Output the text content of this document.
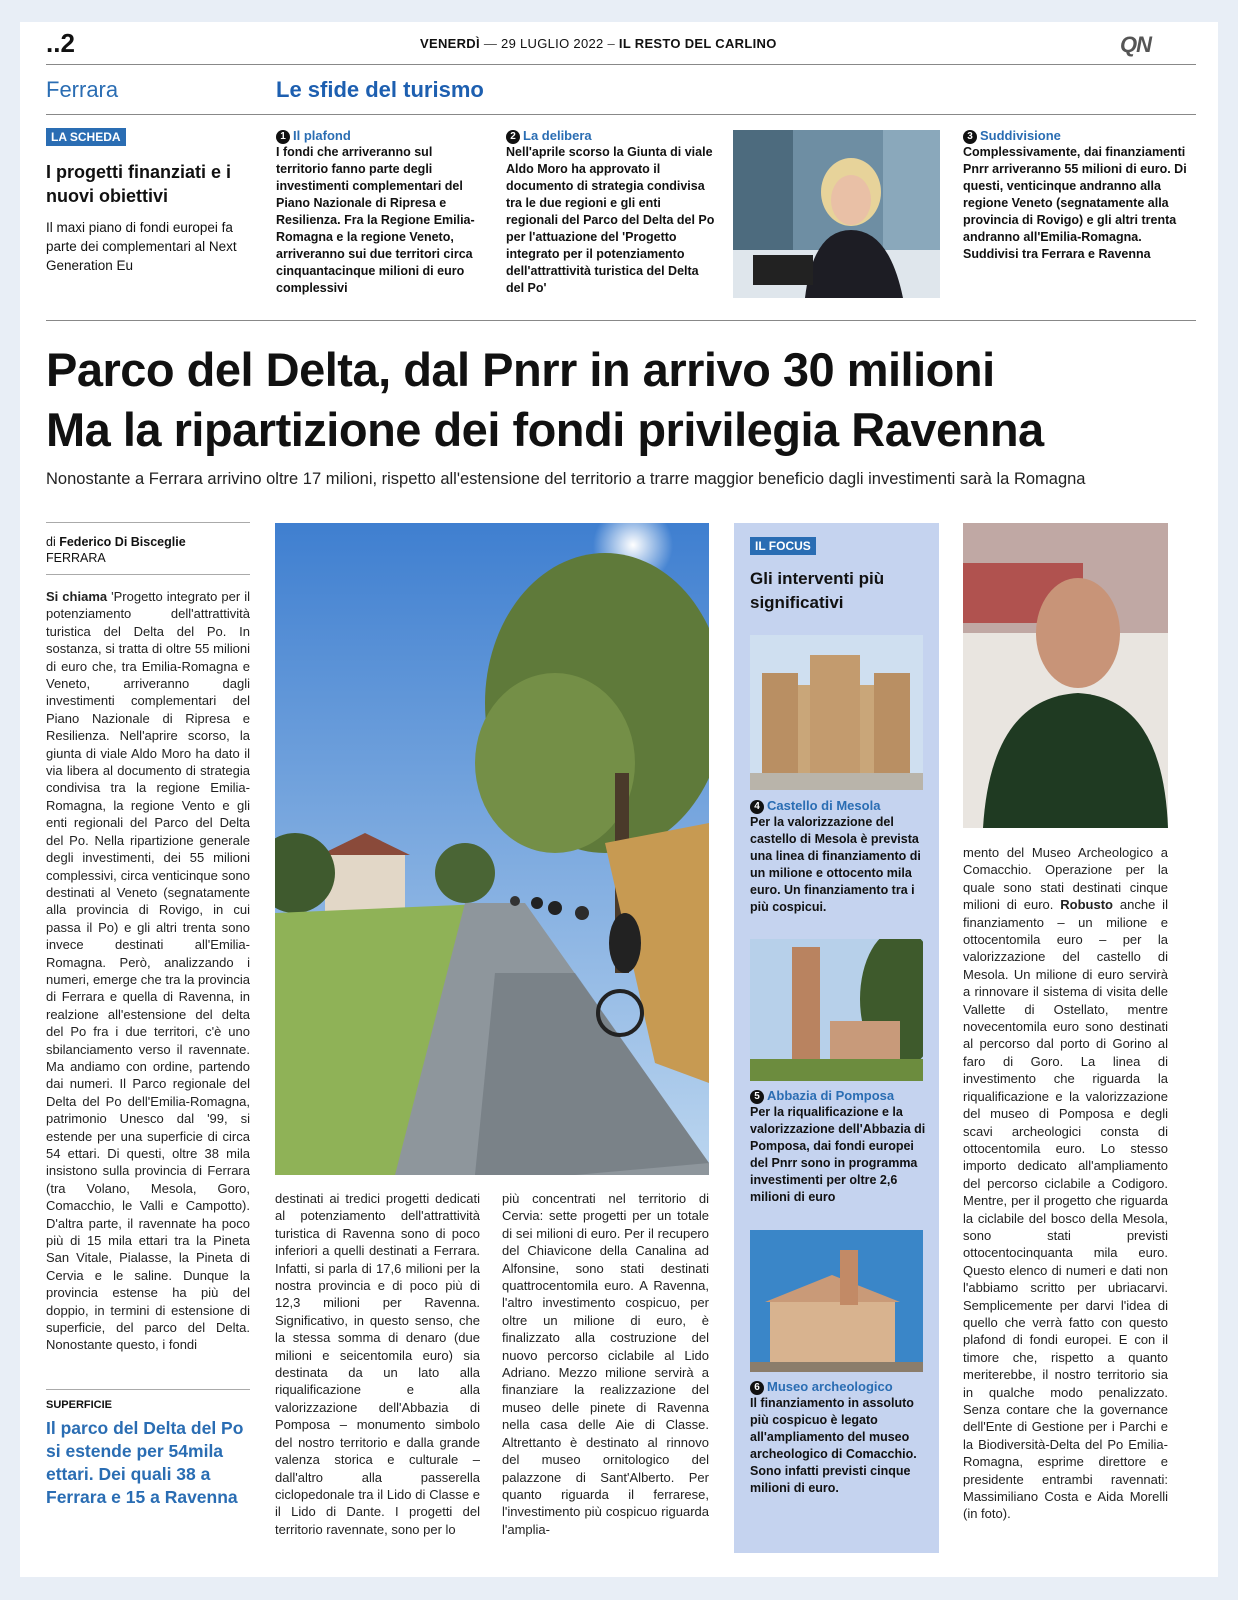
..2	VENERDÌ — 29 LUGLIO 2022 – IL RESTO DEL CARLINO	QN
Ferrara	Le sfide del turismo
LA SCHEDA
I progetti finanziati e i nuovi obiettivi
Il maxi piano di fondi europei fa parte dei complementari al Next Generation Eu
1 Il plafond
I fondi che arriveranno sul territorio fanno parte degli investimenti complementari del Piano Nazionale di Ripresa e Resilienza. Fra la Regione Emilia-Romagna e la regione Veneto, arriveranno sui due territori circa cinquantacinque milioni di euro complessivi
2 La delibera
Nell'aprile scorso la Giunta di viale Aldo Moro ha approvato il documento di strategia condivisa tra le due regioni e gli enti regionali del Parco del Delta del Po per l'attuazione del 'Progetto integrato per il potenziamento dell'attrattività turistica del Delta del Po'
3 Suddivisione
Complessivamente, dai finanziamenti Pnrr arriveranno 55 milioni di euro. Di questi, venticinque andranno alla regione Veneto (segnatamente alla provincia di Rovigo) e gli altri trenta andranno all'Emilia-Romagna. Suddivisi tra Ferrara e Ravenna
Parco del Delta, dal Pnrr in arrivo 30 milioni
Ma la ripartizione dei fondi privilegia Ravenna
Nonostante a Ferrara arrivino oltre 17 milioni, rispetto all'estensione del territorio a trarre maggior beneficio dagli investimenti sarà la Romagna
di Federico Di Bisceglie
FERRARA
Si chiama 'Progetto integrato per il potenziamento dell'attrattività turistica del Delta del Po. In sostanza, si tratta di oltre 55 milioni di euro che, tra Emilia-Romagna e Veneto, arriveranno dagli investimenti complementari del Piano Nazionale di Ripresa e Resilienza. Nell'aprire scorso, la giunta di viale Aldo Moro ha dato il via libera al documento di strategia condivisa tra la regione Emilia-Romagna, la regione Vento e gli enti regionali del Parco del Delta del Po. Nella ripartizione generale degli investimenti, dei 55 milioni complessivi, circa venticinque sono destinati al Veneto (segnatamente alla provincia di Rovigo, in cui passa il Po) e gli altri trenta sono invece destinati all'Emilia-Romagna. Però, analizzando i numeri, emerge che tra la provincia di Ferrara e quella di Ravenna, in realzione all'estensione del delta del Po fra i due territori, c'è uno sbilanciamento verso il ravennate. Ma andiamo con ordine, partendo dai numeri. Il Parco regionale del Delta del Po dell'Emilia-Romagna, patrimonio Unesco dal '99, si estende per una superficie di circa 54 ettari. Di questi, oltre 38 mila insistono sulla provincia di Ferrara (tra Volano, Mesola, Goro, Comacchio, le Valli e Campotto). D'altra parte, il ravennate ha poco più di 15 mila ettari tra la Pineta San Vitale, Pialasse, la Pineta di Cervia e le saline. Dunque la provincia estense ha più del doppio, in termini di estensione di superficie, del parco del Delta. Nonostante questo, i fondi
SUPERFICIE
Il parco del Delta del Po si estende per 54mila ettari. Dei quali 38 a Ferrara e 15 a Ravenna
destinati ai tredici progetti dedicati al potenziamento dell'attrattività turistica di Ravenna sono di poco inferiori a quelli destinati a Ferrara. Infatti, si parla di 17,6 milioni per la nostra provincia e di poco più di 12,3 milioni per Ravenna. Significativo, in questo senso, che la stessa somma di denaro (due milioni e seicentomila euro) sia destinata da un lato alla riqualificazione e alla valorizzazione dell'Abbazia di Pomposa – monumento simbolo del nostro territorio e dalla grande valenza storica e culturale – dall'altro alla passerella ciclopedonale tra il Lido di Classe e il Lido di Dante. I progetti del territorio ravennate, sono per lo
più concentrati nel territorio di Cervia: sette progetti per un totale di sei milioni di euro. Per il recupero del Chiavicone della Canalina ad Alfonsine, sono stati destinati quattrocentomila euro. A Ravenna, l'altro investimento cospicuo, per oltre un milione di euro, è finalizzato alla costruzione del nuovo percorso ciclabile al Lido Adriano. Mezzo milione servirà a finanziare la realizzazione del museo delle pinete di Ravenna nella casa delle Aie di Classe. Altrettanto è destinato al rinnovo del museo ornitologico del palazzone di Sant'Alberto. Per quanto riguarda il ferrarese, l'investimento più cospicuo riguarda l'amplia-
IL FOCUS
Gli interventi più significativi
4 Castello di Mesola
Per la valorizzazione del castello di Mesola è prevista una linea di finanziamento di un milione e ottocento mila euro. Un finanziamento tra i più cospicui.
5 Abbazia di Pomposa
Per la riqualificazione e la valorizzazione dell'Abbazia di Pomposa, dai fondi europei del Pnrr sono in programma investimenti per oltre 2,6 milioni di euro
6 Museo archeologico
Il finanziamento in assoluto più cospicuo è legato all'ampliamento del museo archeologico di Comacchio. Sono infatti previsti cinque milioni di euro.
mento del Museo Archeologico a Comacchio. Operazione per la quale sono stati destinati cinque milioni di euro. Robusto anche il finanziamento – un milione e ottocentomila euro – per la valorizzazione del castello di Mesola. Un milione di euro servirà a rinnovare il sistema di visita delle Vallette di Ostellato, mentre novecentomila euro sono destinati al percorso dal porto di Gorino al faro di Goro. La linea di investimento che riguarda la riqualificazione e la valorizzazione del museo di Pomposa e degli scavi archeologici consta di ottocentomila euro. Lo stesso importo dedicato all'ampliamento del percorso ciclabile a Codigoro. Mentre, per il progetto che riguarda la ciclabile del bosco della Mesola, sono stati previsti ottocentocinquanta mila euro. Questo elenco di numeri e dati non l'abbiamo scritto per ubriacarvi. Semplicemente per darvi l'idea di quello che verrà fatto con questo plafond di fondi europei. E con il timore che, rispetto a quanto meriterebbe, il nostro territorio sia in qualche modo penalizzato. Senza contare che la governance dell'Ente di Gestione per i Parchi e la Biodiversità-Delta del Po Emilia-Romagna, esprime direttore e presidente entrambi ravennati: Massimiliano Costa e Aida Morelli (in foto).
